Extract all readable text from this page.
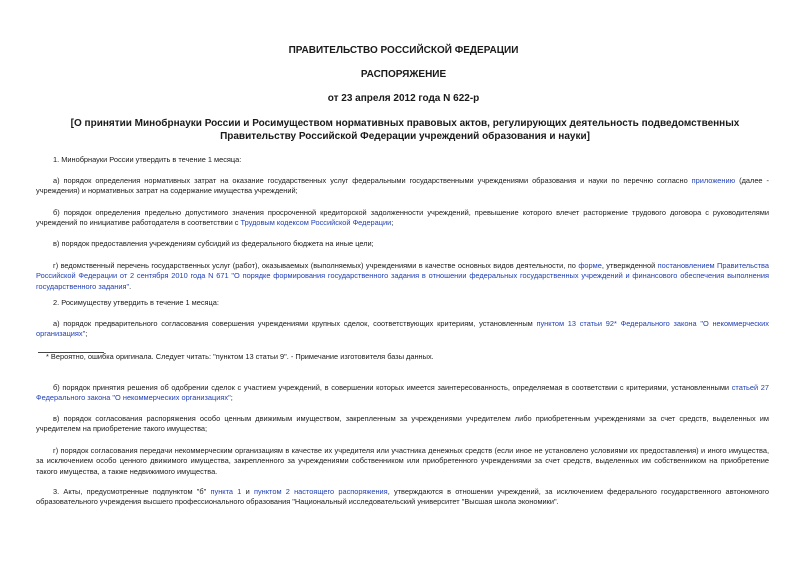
ПРАВИТЕЛЬСТВО РОССИЙСКОЙ ФЕДЕРАЦИИ
РАСПОРЯЖЕНИЕ
от 23 апреля 2012 года N 622-р
[О принятии Минобрнауки России и Росимуществом нормативных правовых актов, регулирующих деятельность подведомственных Правительству Российской Федерации учреждений образования и науки]
1. Минобрнауки России утвердить в течение 1 месяца:
а) порядок определения нормативных затрат на оказание государственных услуг федеральными государственными учреждениями образования и науки по перечню согласно приложению (далее - учреждения) и нормативных затрат на содержание имущества учреждений;
б) порядок определения предельно допустимого значения просроченной кредиторской задолженности учреждений, превышение которого влечет расторжение трудового договора с руководителями учреждений по инициативе работодателя в соответствии с Трудовым кодексом Российской Федерации;
в) порядок предоставления учреждениям субсидий из федерального бюджета на иные цели;
г) ведомственный перечень государственных услуг (работ), оказываемых (выполняемых) учреждениями в качестве основных видов деятельности, по форме, утвержденной постановлением Правительства Российской Федерации от 2 сентября 2010 года N 671 "О порядке формирования государственного задания в отношении федеральных государственных учреждений и финансового обеспечения выполнения государственного задания".
2. Росимуществу утвердить в течение 1 месяца:
а) порядок предварительного согласования совершения учреждениями крупных сделок, соответствующих критериям, установленным пунктом 13 статьи 92* Федерального закона "О некоммерческих организациях";
* Вероятно, ошибка оригинала. Следует читать: "пунктом 13 статьи 9". - Примечание изготовителя базы данных.
б) порядок принятия решения об одобрении сделок с участием учреждений, в совершении которых имеется заинтересованность, определяемая в соответствии с критериями, установленными статьей 27 Федерального закона "О некоммерческих организациях";
в) порядок согласования распоряжения особо ценным движимым имуществом, закрепленным за учреждениями учредителем либо приобретенным учреждениями за счет средств, выделенных им учредителем на приобретение такого имущества;
г) порядок согласования передачи некоммерческим организациям в качестве их учредителя или участника денежных средств (если иное не установлено условиями их предоставления) и иного имущества, за исключением особо ценного движимого имущества, закрепленного за учреждениями собственником или приобретенного учреждениями за счет средств, выделенных им собственником на приобретение такого имущества, а также недвижимого имущества.
3. Акты, предусмотренные подпунктом "б" пункта 1 и пунктом 2 настоящего распоряжения, утверждаются в отношении учреждений, за исключением федерального государственного автономного образовательного учреждения высшего профессионального образования "Национальный исследовательский университет "Высшая школа экономики".
